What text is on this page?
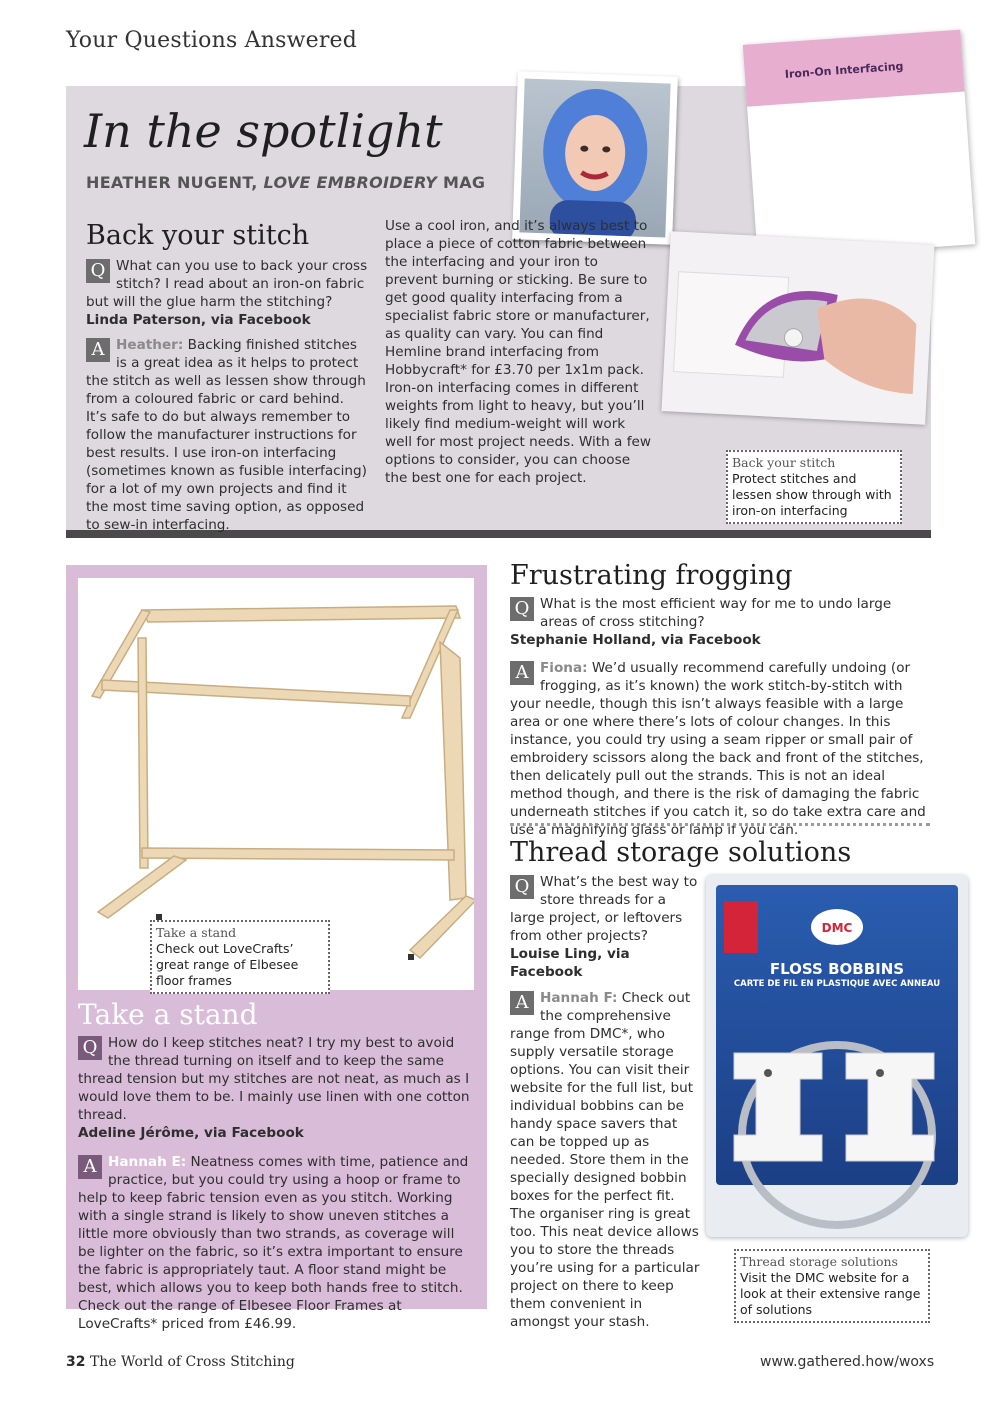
Your Questions Answered
In the spotlight
HEATHER NUGENT, LOVE EMBROIDERY MAG
Iron-On Interfacing
Back your stitch

Q What can you use to back your cross stitch? I read about an iron-on fabric but will the glue harm the stitching?

Linda Paterson, via Facebook

A Heather: Backing finished stitches is a great idea as it helps to protect the stitch as well as lessen show through from a coloured fabric or card behind. It’s safe to do but always remember to follow the manufacturer instructions for best results. I use iron-on interfacing (sometimes known as fusible interfacing) for a lot of my own projects and find it the most time saving option, as opposed to sew-in interfacing.

Use a cool iron, and it’s always best to place a piece of cotton fabric between the interfacing and your iron to prevent burning or sticking. Be sure to get good quality interfacing from a specialist fabric store or manufacturer, as quality can vary. You can find Hemline brand interfacing from Hobbycraft* for £3.70 per 1x1m pack. Iron-on interfacing comes in different weights from light to heavy, but you’ll likely find medium-weight will work well for most project needs. With a few options to consider, you can choose the best one for each project.

Back your stitch
Protect stitches and lessen show through with iron-on interfacing
Take a stand
Check out LoveCrafts’ great range of Elbesee floor frames
Take a stand

Q How do I keep stitches neat? I try my best to avoid the thread turning on itself and to keep the same thread tension but my stitches are not neat, as much as I would love them to be. I mainly use linen with one cotton thread.

Adeline Jérôme, via Facebook

A Hannah E: Neatness comes with time, patience and practice, but you could try using a hoop or frame to help to keep fabric tension even as you stitch. Working with a single strand is likely to show uneven stitches a little more obviously than two strands, as coverage will be lighter on the fabric, so it’s extra important to ensure the fabric is appropriately taut. A floor stand might be best, which allows you to keep both hands free to stitch. Check out the range of Elbesee Floor Frames at LoveCrafts* priced from £46.99.

Frustrating frogging

Q What is the most efficient way for me to undo large areas of cross stitching?

Stephanie Holland, via Facebook

A Fiona: We’d usually recommend carefully undoing (or frogging, as it’s known) the work stitch-by-stitch with your needle, though this isn’t always feasible with a large area or one where there’s lots of colour changes. In this instance, you could try using a seam ripper or small pair of embroidery scissors along the back and front of the stitches, then delicately pull out the strands. This is not an ideal method though, and there is the risk of damaging the fabric underneath stitches if you catch it, so do take extra care and use a magnifying glass or lamp if you can.

Thread storage solutions

Q What’s the best way to store threads for a large project, or leftovers from other projects?

Louise Ling, via Facebook

A Hannah F: Check out the comprehensive range from DMC*, who supply versatile storage options. You can visit their website for the full list, but individual bobbins can be handy space savers that can be topped up as needed. Store them in the specially designed bobbin boxes for the perfect fit. The organiser ring is great too. This neat device allows you to store the threads you’re using for a particular project on there to keep them convenient in amongst your stash.

DMC
FLOSS BOBBINS
CARTE DE FIL EN PLASTIQUE AVEC ANNEAU
Thread storage solutions
Visit the DMC website for a look at their extensive range of solutions
32 The World of Cross Stitching	www.gathered.how/woxs
